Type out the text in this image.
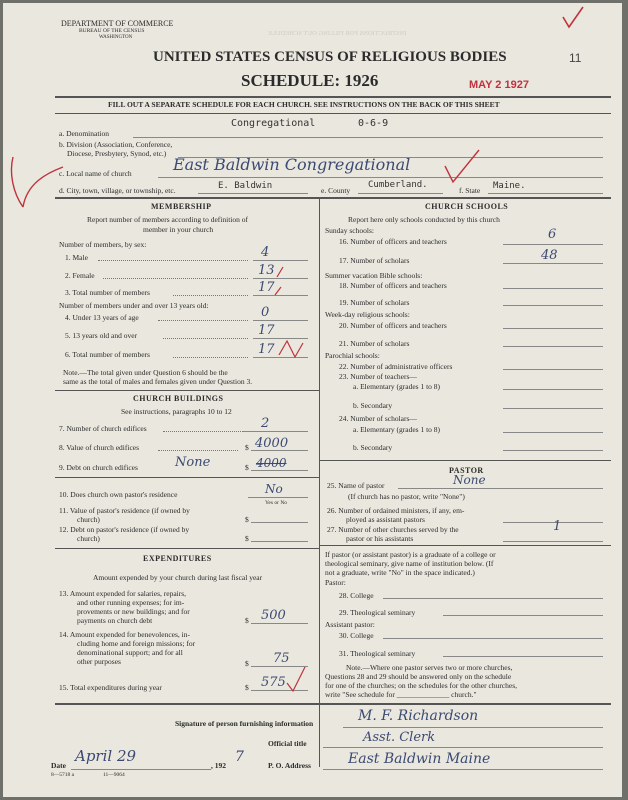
INSTRUCTIONS FOR FILLING OUT SCHEDULE
DEPARTMENT OF COMMERCE
BUREAU OF THE CENSUS
WASHINGTON
UNITED STATES CENSUS OF RELIGIOUS BODIES
SCHEDULE: 1926	MAY 2 1927
11
FILL OUT A SEPARATE SCHEDULE FOR EACH CHURCH. SEE INSTRUCTIONS ON THE BACK OF THIS SHEET
Congregational	0-6-9
a. Denomination
b. Division (Association, Conference,
Diocese, Presbytery, Synod, etc.)
c. Local name of church	East Baldwin Congregational
d. City, town, village, or township, etc.	E. Baldwin	e. County
Cumberland.
f. State Maine.
MEMBERSHIP
Report number of members according to definition of
member in your church
Number of members, by sex:
1. Male	4
2. Female	13
3. Total number of members	17
Number of members under and over 13 years old:
4. Under 13 years of age	0
5. 13 years old and over	17
6. Total number of members	17
Note.—The total given under Question 6 should be the
same as the total of males and females given under Question 3.
CHURCH BUILDINGS
See instructions, paragraphs 10 to 12
7. Number of church edifices	2
8. Value of church edifices	$ 4000
9. Debt on church edifices	None	$ 4000
10. Does church own pastor's residence	No
Yes or No
11. Value of pastor's residence (if owned by
church)	$
12. Debt on pastor's residence (if owned by
church)	$
EXPENDITURES
Amount expended by your church during last fiscal year
13. Amount expended for salaries, repairs,
and other running expenses; for im-
provements or new buildings; and for
payments on church debt	$ 500
14. Amount expended for benevolences, in-
cluding home and foreign missions; for
denominational support; and for all
other purposes	$ 75
15. Total expenditures during year	$ 575
CHURCH SCHOOLS
Report here only schools conducted by this church
Sunday schools:
16. Number of officers and teachers	6
17. Number of scholars	48
Summer vacation Bible schools:
18. Number of officers and teachers
19. Number of scholars
Week-day religious schools:
20. Number of officers and teachers
21. Number of scholars
Parochial schools:
22. Number of administrative officers
23. Number of teachers—
a. Elementary (grades 1 to 8)
b. Secondary
24. Number of scholars—
a. Elementary (grades 1 to 8)
b. Secondary
PASTOR
25. Name of pastor	None
(If church has no pastor, write "None")
26. Number of ordained ministers, if any, em-
ployed as assistant pastors
27. Number of other churches served by the
pastor or his assistants
1
If pastor (or assistant pastor) is a graduate of a college or
theological seminary, give name of institution below. (If
not a graduate, write "No" in the space indicated.)
Pastor:
28. College
29. Theological seminary
Assistant pastor:
30. College
31. Theological seminary
Note.—Where one pastor serves two or more churches,
Questions 28 and 29 should be answered only on the schedule
for one of the churches; on the schedules for the other churches,
write "See schedule for ______________ church."
Signature of person furnishing information	M. F. Richardson
Official title	Asst. Clerk
Date
April 29
, 192
7
P. O. Address	East Baldwin Maine
8—5718 a	11—9064
